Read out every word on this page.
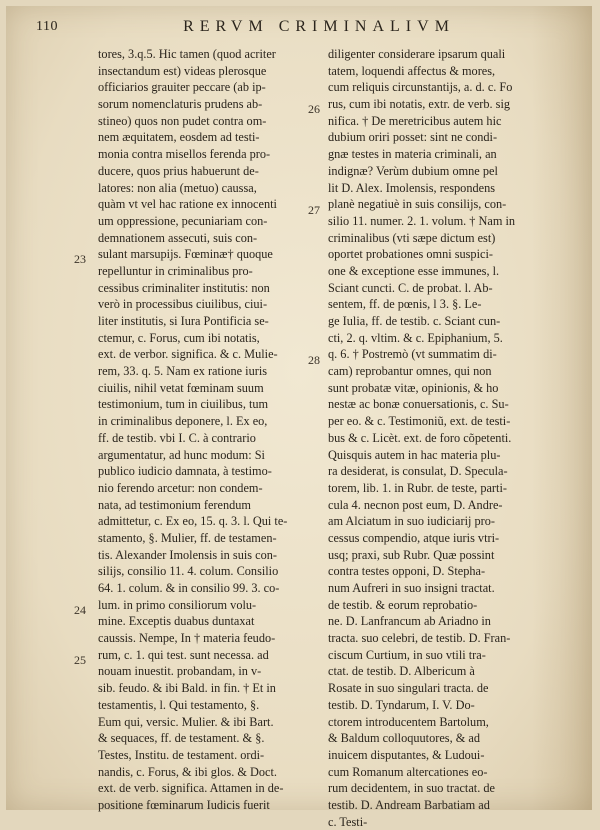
110	RERVM CRIMINALIVM
26
27
28
23
24
25
tores, 3.q.5. Hic tamen (quod acriter
insectandum est) videas plerosque
officiarios grauiter peccare (ab ip-
sorum nomenclaturis prudens ab-
stineo) quos non pudet contra om-
nem æquitatem, eosdem ad testi-
monia contra misellos ferenda pro-
ducere, quos prius habuerunt de-
latores: non alia (metuo) caussa,
quàm vt vel hac ratione ex innocenti
um oppressione, pecuniariam con-
demnationem assecuti, suis con-
sulant marsupijs. Fœminæ† quoque
repelluntur in criminalibus pro-
cessibus criminaliter institutis: non
verò in processibus ciuilibus, ciui-
liter institutis, si Iura Pontificia se-
ctemur, c. Forus, cum ibi notatis,
ext. de verbor. significa. & c. Mulie-
rem, 33. q. 5. Nam ex ratione iuris
ciuilis, nihil vetat fœminam suum
testimonium, tum in ciuilibus, tum
in criminalibus deponere, l. Ex eo,
ff. de testib. vbi I. C. à contrario
argumentatur, ad hunc modum: Si
publico iudicio damnata, à testimo-
nio ferendo arcetur: non condem-
nata, ad testimonium ferendum
admittetur, c. Ex eo, 15. q. 3. l. Qui te-
stamento, §. Mulier, ff. de testamen-
tis. Alexander Imolensis in suis con-
silijs, consilio 11. 4. colum. Consilio
64. 1. colum. & in consilio 99. 3. co-
lum. in primo consiliorum volu-
mine. Exceptis duabus duntaxat
caussis. Nempe, In † materia feudo-
rum, c. 1. qui test. sunt necessa. ad
nouam inuestit. probandam, in v-
sib. feudo. & ibi Bald. in fin. † Et in
testamentis, l. Qui testamento, §.
Eum qui, versic. Mulier. & ibi Bart.
& sequaces, ff. de testament. & §.
Testes, Institu. de testament. ordi-
nandis, c. Forus, & ibi glos. & Doct.
ext. de verb. significa. Attamen in de-
positione fœminarum Iudicis fuerit
diligenter considerare ipsarum quali
tatem, loquendi affectus & mores,
cum reliquis circunstantijs, a. d. c. Fo
rus, cum ibi notatis, extr. de verb. sig
nifica. † De meretricibus autem hic
dubium oriri posset: sint ne condi-
gnæ testes in materia criminali, an
indignæ? Verùm dubium omne pel
lit D. Alex. Imolensis, respondens
planè negatiuè in suis consilijs, con-
silio 11. numer. 2. 1. volum. † Nam in
criminalibus (vti sæpe dictum est)
oportet probationes omni suspici-
one & exceptione esse immunes, l.
Sciant cuncti. C. de probat. l. Ab-
sentem, ff. de pœnis, l 3. §. Le-
ge Iulia, ff. de testib. c. Sciant cun-
cti, 2. q. vltim. & c. Epiphanium, 5.
q. 6. † Postremò (vt summatim di-
cam) reprobantur omnes, qui non
sunt probatæ vitæ, opinionis, & ho
nestæ ac bonæ conuersationis, c. Su-
per eo. & c. Testimoniũ, ext. de testi-
bus & c. Licèt. ext. de foro cõpetenti.
Quisquis autem in hac materia plu-
ra desiderat, is consulat, D. Specula-
torem, lib. 1. in Rubr. de teste, parti-
cula 4. necnon post eum, D. Andre-
am Alciatum in suo iudiciarij pro-
cessus compendio, atque iuris vtri-
usq; praxi, sub Rubr. Quæ possint
contra testes opponi, D. Stepha-
num Aufreri in suo insigni tractat.
de testib. & eorum reprobatio-
ne. D. Lanfrancum ab Ariadno in
tracta. suo celebri, de testib. D. Fran-
ciscum Curtium, in suo vtili tra-
ctat. de testib. D. Albericum à
Rosate in suo singulari tracta. de
testib. D. Tyndarum, I. V. Do-
ctorem introducentem Bartolum,
& Baldum colloquutores, & ad
inuicem disputantes, & Ludoui-
cum Romanum altercationes eo-
rum decidentem, in suo tractat. de
testib. D. Andream Barbatiam ad
c. Testi-
